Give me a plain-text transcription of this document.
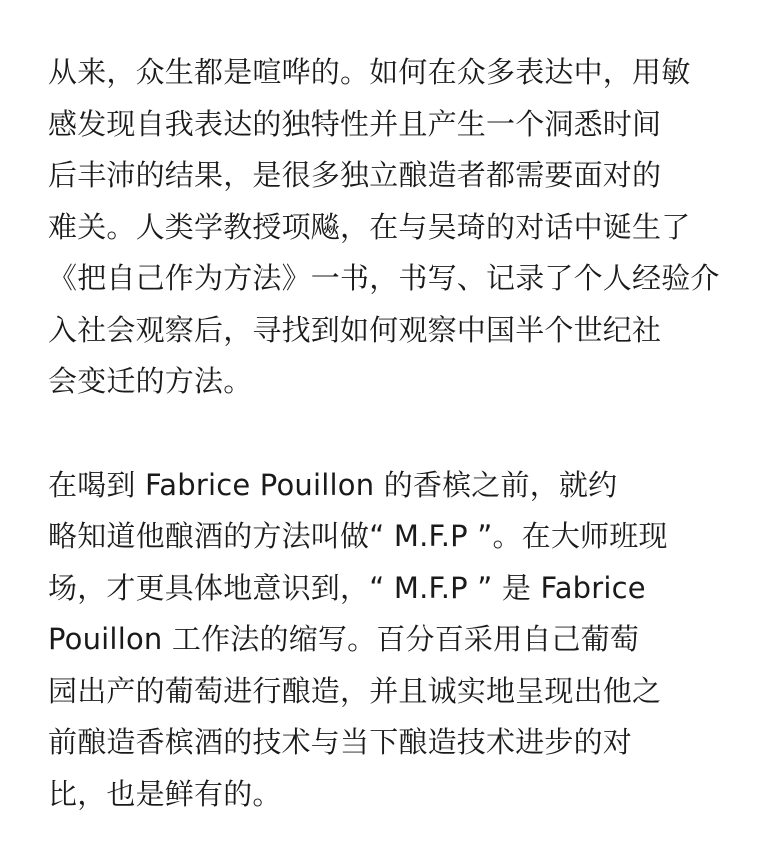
从来，众生都是喧哗的。如何在众多表达中，用敏
感发现自我表达的独特性并且产生一个洞悉时间
后丰沛的结果，是很多独立酿造者都需要面对的
难关。人类学教授项飚，在与吴琦的对话中诞生了
《把自己作为方法》一书，书写、记录了个人经验介
入社会观察后，寻找到如何观察中国半个世纪社
会变迁的方法。
在喝到 Fabrice Pouillon 的香槟之前，就约
略知道他酿酒的方法叫做“ M.F.P ”。在大师班现
场，才更具体地意识到，“ M.F.P ” 是 Fabrice
Pouillon 工作法的缩写。百分百采用自己葡萄
园出产的葡萄进行酿造，并且诚实地呈现出他之
前酿造香槟酒的技术与当下酿造技术进步的对
比，也是鲜有的。
